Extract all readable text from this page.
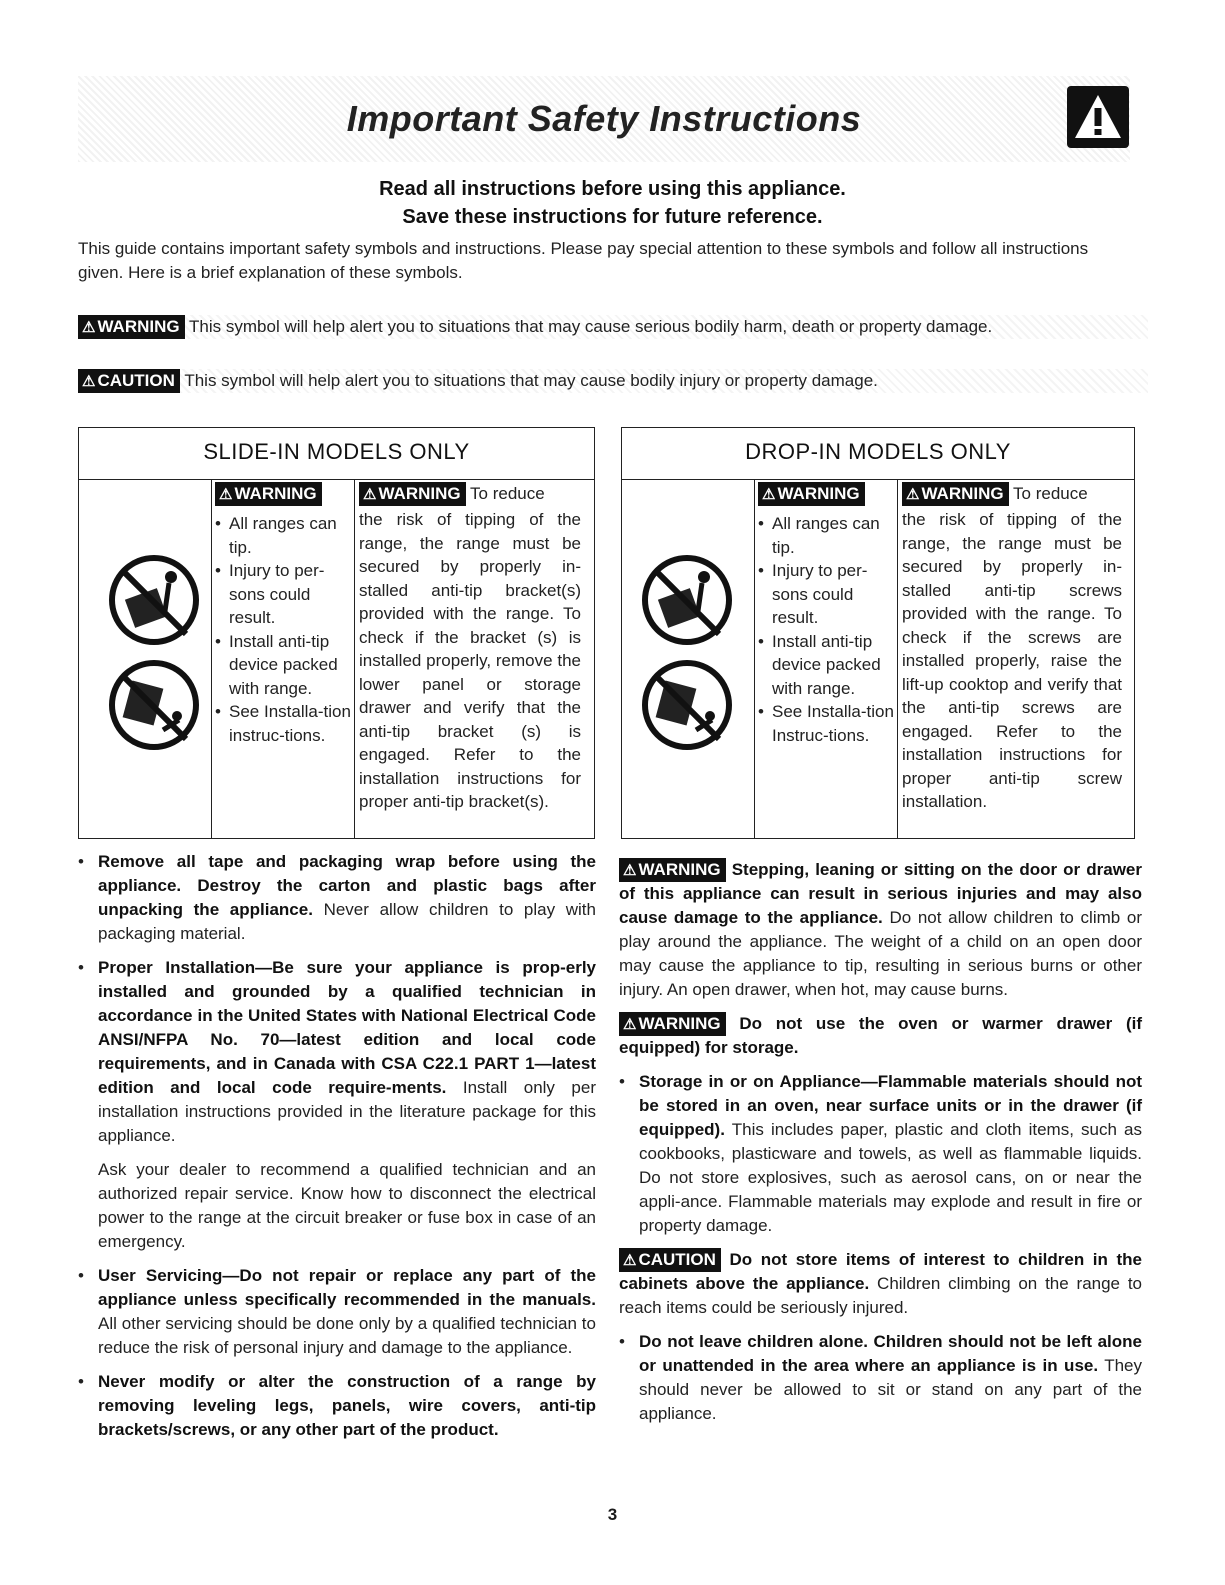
Important Safety Instructions
Read all instructions before using this appliance.
Save these instructions for future reference.
This guide contains important safety symbols and instructions. Please pay special attention to these symbols and follow all instructions given. Here is a brief explanation of these symbols.
⚠ WARNING This symbol will help alert you to situations that may cause serious bodily harm, death or property damage.
⚠ CAUTION This symbol will help alert you to situations that may cause bodily injury or property damage.
SLIDE-IN MODELS ONLY
⚠ WARNING
• All ranges can tip.
• Injury to per-sons could result.
• Install anti-tip device packed with range.
• See Installa-tion instruc-tions.
⚠ WARNING To reduce
the risk of tipping of the range, the range must be secured by properly in-stalled anti-tip bracket(s) provided with the range. To check if the bracket (s) is installed properly, remove the lower panel or storage drawer and verify that the anti-tip bracket (s) is engaged. Refer to the installation instructions for proper anti-tip bracket(s).
DROP-IN MODELS ONLY
⚠ WARNING
• All ranges can tip.
• Injury to per-sons could result.
• Install anti-tip device packed with range.
• See Installa-tion Instruc-tions.
⚠ WARNING To reduce
the risk of tipping of the range, the range must be secured by properly in-stalled anti-tip screws provided with the range. To check if the screws are installed properly, raise the lift-up cooktop and verify that the anti-tip screws are engaged. Refer to the installation instructions for proper anti-tip screw installation.
• Remove all tape and packaging wrap before using the appliance. Destroy the carton and plastic bags after unpacking the appliance. Never allow children to play with packaging material.
• Proper Installation—Be sure your appliance is prop-erly installed and grounded by a qualified technician in accordance in the United States with National Electrical Code ANSI/NFPA No. 70—latest edition and local code requirements, and in Canada with CSA C22.1 PART 1—latest edition and local code require-ments. Install only per installation instructions provided in the literature package for this appliance.
Ask your dealer to recommend a qualified technician and an authorized repair service. Know how to disconnect the electrical power to the range at the circuit breaker or fuse box in case of an emergency.
• User Servicing—Do not repair or replace any part of the appliance unless specifically recommended in the manuals. All other servicing should be done only by a qualified technician to reduce the risk of personal injury and damage to the appliance.
• Never modify or alter the construction of a range by removing leveling legs, panels, wire covers, anti-tip brackets/screws, or any other part of the product.
⚠ WARNING Stepping, leaning or sitting on the door or drawer of this appliance can result in serious injuries and may also cause damage to the appliance. Do not allow children to climb or play around the appliance. The weight of a child on an open door may cause the appliance to tip, resulting in serious burns or other injury. An open drawer, when hot, may cause burns.
⚠ WARNING Do not use the oven or warmer drawer (if equipped) for storage.
• Storage in or on Appliance—Flammable materials should not be stored in an oven, near surface units or in the drawer (if equipped). This includes paper, plastic and cloth items, such as cookbooks, plasticware and towels, as well as flammable liquids. Do not store explosives, such as aerosol cans, on or near the appli-ance. Flammable materials may explode and result in fire or property damage.
⚠ CAUTION Do not store items of interest to children in the cabinets above the appliance. Children climbing on the range to reach items could be seriously injured.
• Do not leave children alone. Children should not be left alone or unattended in the area where an appliance is in use. They should never be allowed to sit or stand on any part of the appliance.
3
